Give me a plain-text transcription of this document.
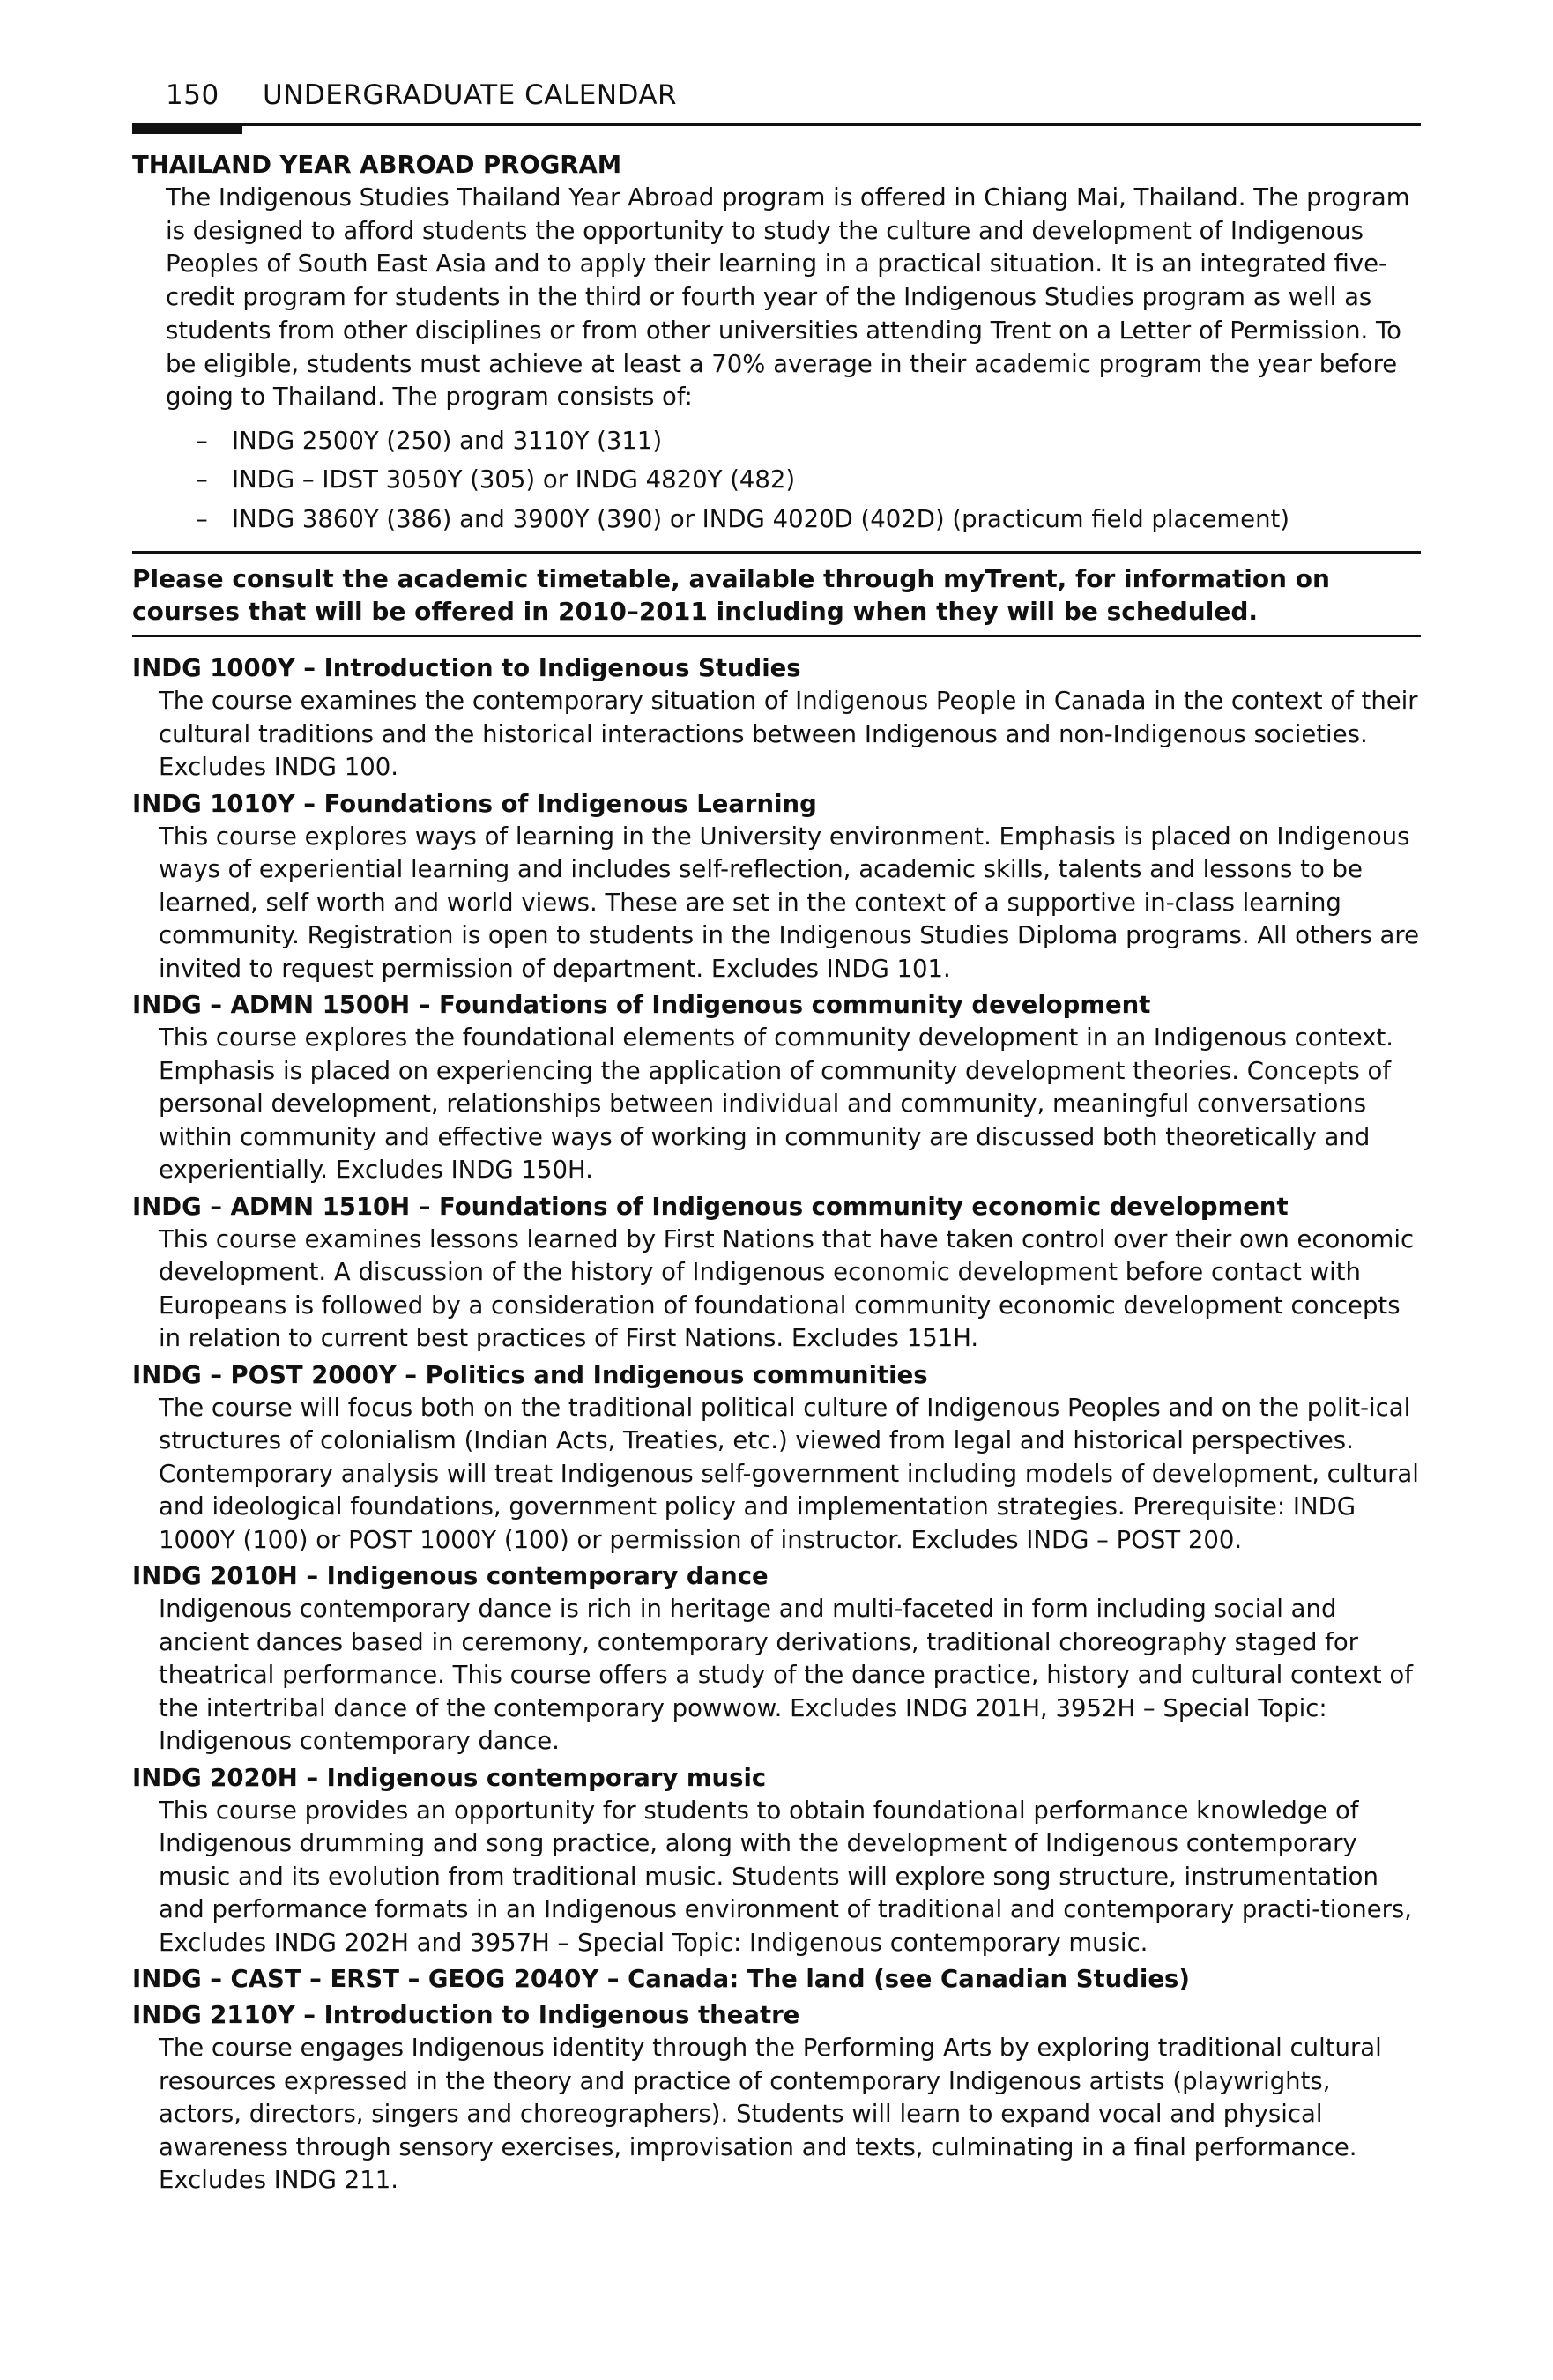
150 UNDERGRADUATE CALENDAR
THAILAND YEAR ABROAD PROGRAM
The Indigenous Studies Thailand Year Abroad program is offered in Chiang Mai, Thailand. The program is designed to afford students the opportunity to study the culture and development of Indigenous Peoples of South East Asia and to apply their learning in a practical situation. It is an integrated five-credit program for students in the third or fourth year of the Indigenous Studies program as well as students from other disciplines or from other universities attending Trent on a Letter of Permission. To be eligible, students must achieve at least a 70% average in their academic program the year before going to Thailand. The program consists of:
– INDG 2500Y (250) and 3110Y (311)
– INDG – IDST 3050Y (305) or INDG 4820Y (482)
– INDG 3860Y (386) and 3900Y (390) or INDG 4020D (402D) (practicum field placement)
Please consult the academic timetable, available through myTrent, for information on courses that will be offered in 2010–2011 including when they will be scheduled.
INDG 1000Y – Introduction to Indigenous Studies
The course examines the contemporary situation of Indigenous People in Canada in the context of their cultural traditions and the historical interactions between Indigenous and non-Indigenous societies. Excludes INDG 100.
INDG 1010Y – Foundations of Indigenous Learning
This course explores ways of learning in the University environment. Emphasis is placed on Indigenous ways of experiential learning and includes self-reflection, academic skills, talents and lessons to be learned, self worth and world views. These are set in the context of a supportive in-class learning community. Registration is open to students in the Indigenous Studies Diploma programs. All others are invited to request permission of department. Excludes INDG 101.
INDG – ADMN 1500H – Foundations of Indigenous community development
This course explores the foundational elements of community development in an Indigenous context. Emphasis is placed on experiencing the application of community development theories. Concepts of personal development, relationships between individual and community, meaningful conversations within community and effective ways of working in community are discussed both theoretically and experientially. Excludes INDG 150H.
INDG – ADMN 1510H – Foundations of Indigenous community economic development
This course examines lessons learned by First Nations that have taken control over their own economic development. A discussion of the history of Indigenous economic development before contact with Europeans is followed by a consideration of foundational community economic development concepts in relation to current best practices of First Nations. Excludes 151H.
INDG – POST 2000Y – Politics and Indigenous communities
The course will focus both on the traditional political culture of Indigenous Peoples and on the polit-ical structures of colonialism (Indian Acts, Treaties, etc.) viewed from legal and historical perspectives. Contemporary analysis will treat Indigenous self-government including models of development, cultural and ideological foundations, government policy and implementation strategies. Prerequisite: INDG 1000Y (100) or POST 1000Y (100) or permission of instructor. Excludes INDG – POST 200.
INDG 2010H – Indigenous contemporary dance
Indigenous contemporary dance is rich in heritage and multi-faceted in form including social and ancient dances based in ceremony, contemporary derivations, traditional choreography staged for theatrical performance. This course offers a study of the dance practice, history and cultural context of the intertribal dance of the contemporary powwow. Excludes INDG 201H, 3952H – Special Topic: Indigenous contemporary dance.
INDG 2020H – Indigenous contemporary music
This course provides an opportunity for students to obtain foundational performance knowledge of Indigenous drumming and song practice, along with the development of Indigenous contemporary music and its evolution from traditional music. Students will explore song structure, instrumentation and performance formats in an Indigenous environment of traditional and contemporary practi-tioners, Excludes INDG 202H and 3957H – Special Topic: Indigenous contemporary music.
INDG – CAST – ERST – GEOG 2040Y – Canada: The land (see Canadian Studies)
INDG 2110Y – Introduction to Indigenous theatre
The course engages Indigenous identity through the Performing Arts by exploring traditional cultural resources expressed in the theory and practice of contemporary Indigenous artists (playwrights, actors, directors, singers and choreographers). Students will learn to expand vocal and physical awareness through sensory exercises, improvisation and texts, culminating in a final performance. Excludes INDG 211.
